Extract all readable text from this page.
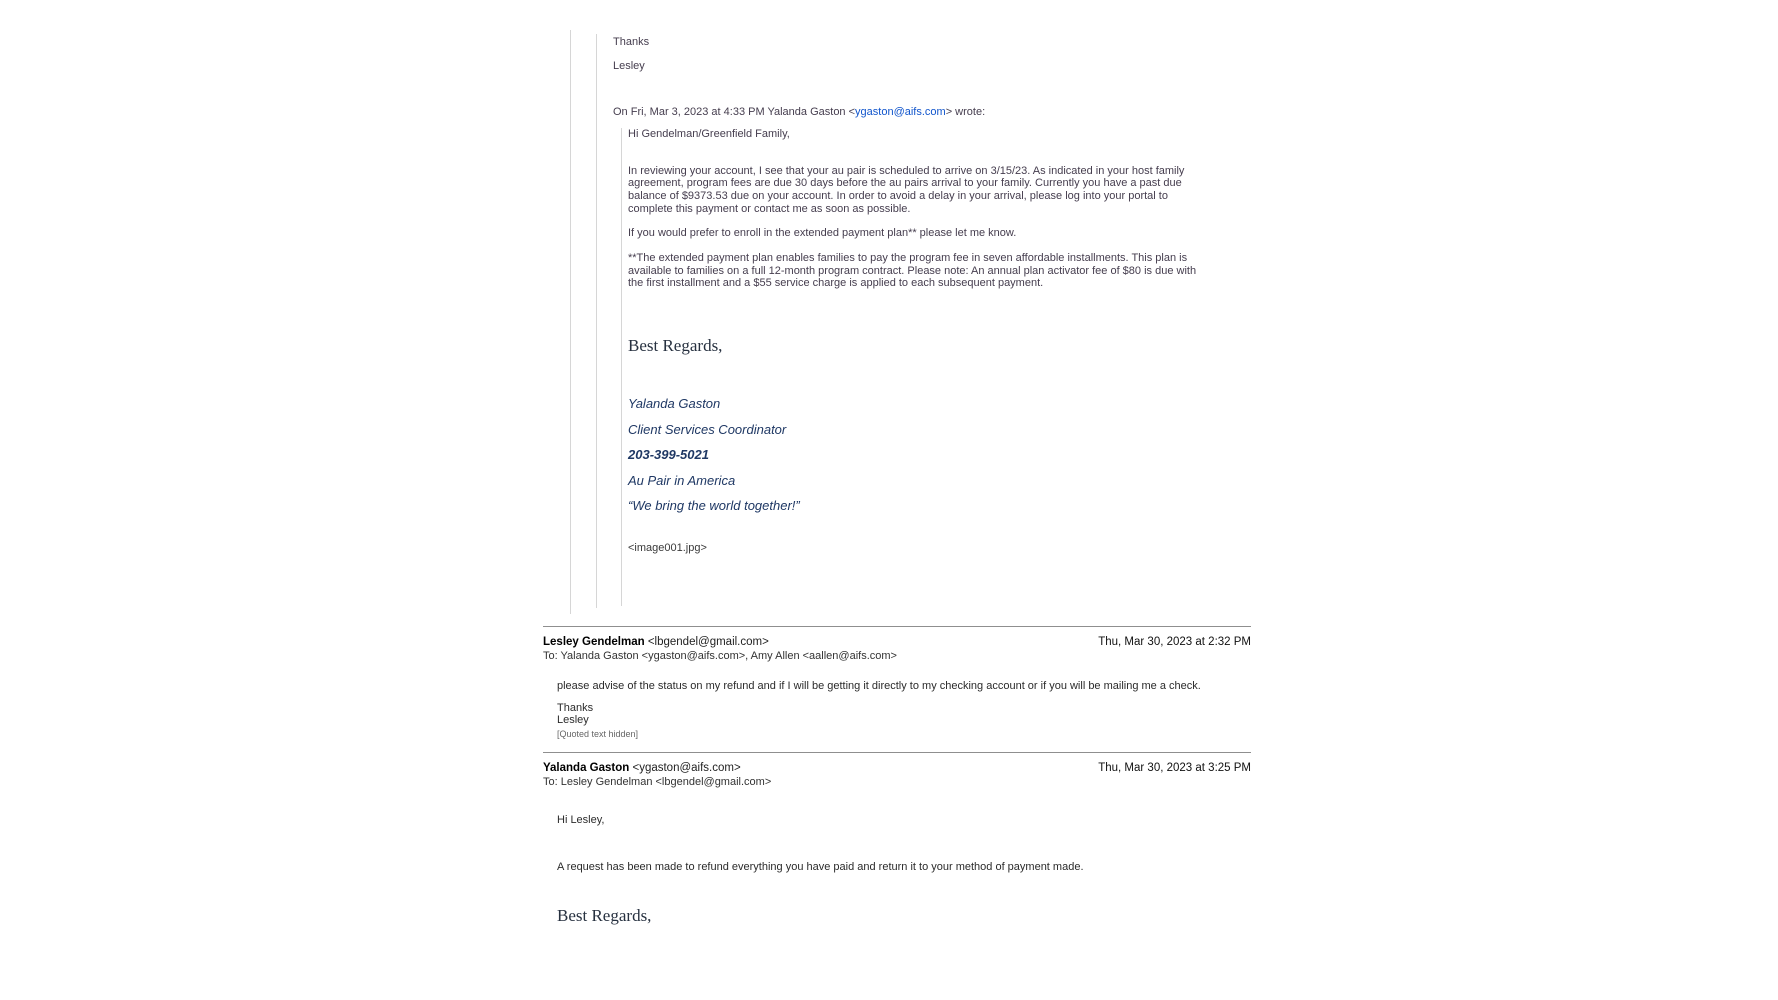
Thanks

Lesley

On Fri, Mar 3, 2023 at 4:33 PM Yalanda Gaston <ygaston@aifs.com> wrote:

Hi Gendelman/Greenfield Family,

In reviewing your account, I see that your au pair is scheduled to arrive on 3/15/23. As indicated in your host family agreement, program fees are due 30 days before the au pairs arrival to your family. Currently you have a past due balance of $9373.53 due on your account. In order to avoid a delay in your arrival, please log into your portal to complete this payment or contact me as soon as possible.

If you would prefer to enroll in the extended payment plan** please let me know.

**The extended payment plan enables families to pay the program fee in seven affordable installments. This plan is available to families on a full 12-month program contract. Please note: An annual plan activator fee of $80 is due with the first installment and a $55 service charge is applied to each subsequent payment.

Best Regards,

Yalanda Gaston

Client Services Coordinator

203-399-5021

Au Pair in America

“We bring the world together!”

<image001.jpg>

Lesley Gendelman <lbgendel@gmail.com>	Thu, Mar 30, 2023 at 2:32 PM
To: Yalanda Gaston <ygaston@aifs.com>, Amy Allen <aallen@aifs.com>

please advise of the status on my refund and if I will be getting it directly to my checking account or if you will be mailing me a check.

Thanks
Lesley

[Quoted text hidden]

Yalanda Gaston <ygaston@aifs.com>	Thu, Mar 30, 2023 at 3:25 PM
To: Lesley Gendelman <lbgendel@gmail.com>

Hi Lesley,

A request has been made to refund everything you have paid and return it to your method of payment made.

Best Regards,
